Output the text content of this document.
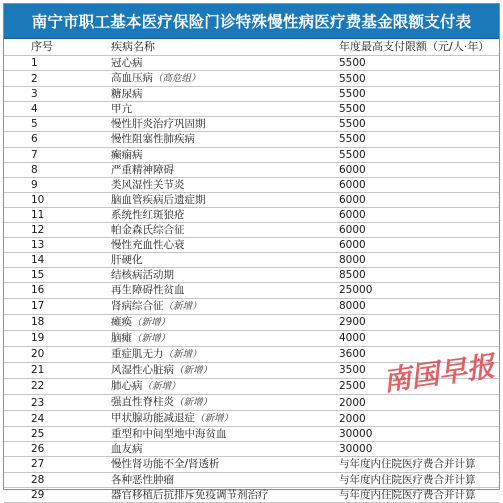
南宁市职工基本医疗保险门诊特殊慢性病医疗费基金限额支付表
序号	疾病名称	年度最高支付限额（元/人·年）
1	冠心病	5500
2	高血压病（高危组）	5500
3	糖尿病	5500
4	甲亢	5500
5	慢性肝炎治疗巩固期	5500
6	慢性阻塞性肺疾病	5500
7	癫痫病	5500
8	严重精神障碍	6000
9	类风湿性关节炎	6000
10	脑血管疾病后遗症期	6000
11	系统性红斑狼疮	6000
12	帕金森氏综合征	6000
13	慢性充血性心衰	6000
14	肝硬化	8000
15	结核病活动期	8500
16	再生障碍性贫血	25000
17	肾病综合征（新增）	8000
18	瘫痪（新增）	2900
19	脑瘫（新增）	4000
20	重症肌无力（新增）	3600
21	风湿性心脏病（新增）	3500
22	肺心病（新增）	2500
23	强直性脊柱炎（新增）	2000
24	甲状腺功能减退症（新增）	2000
25	重型和中间型地中海贫血	30000
26	血友病	30000
27	慢性肾功能不全/肾透析	与年度内住院医疗费合并计算
28	各种恶性肿瘤	与年度内住院医疗费合并计算
29	器官移植后抗排斥免疫调节剂治疗	与年度内住院医疗费合并计算
南国早报
